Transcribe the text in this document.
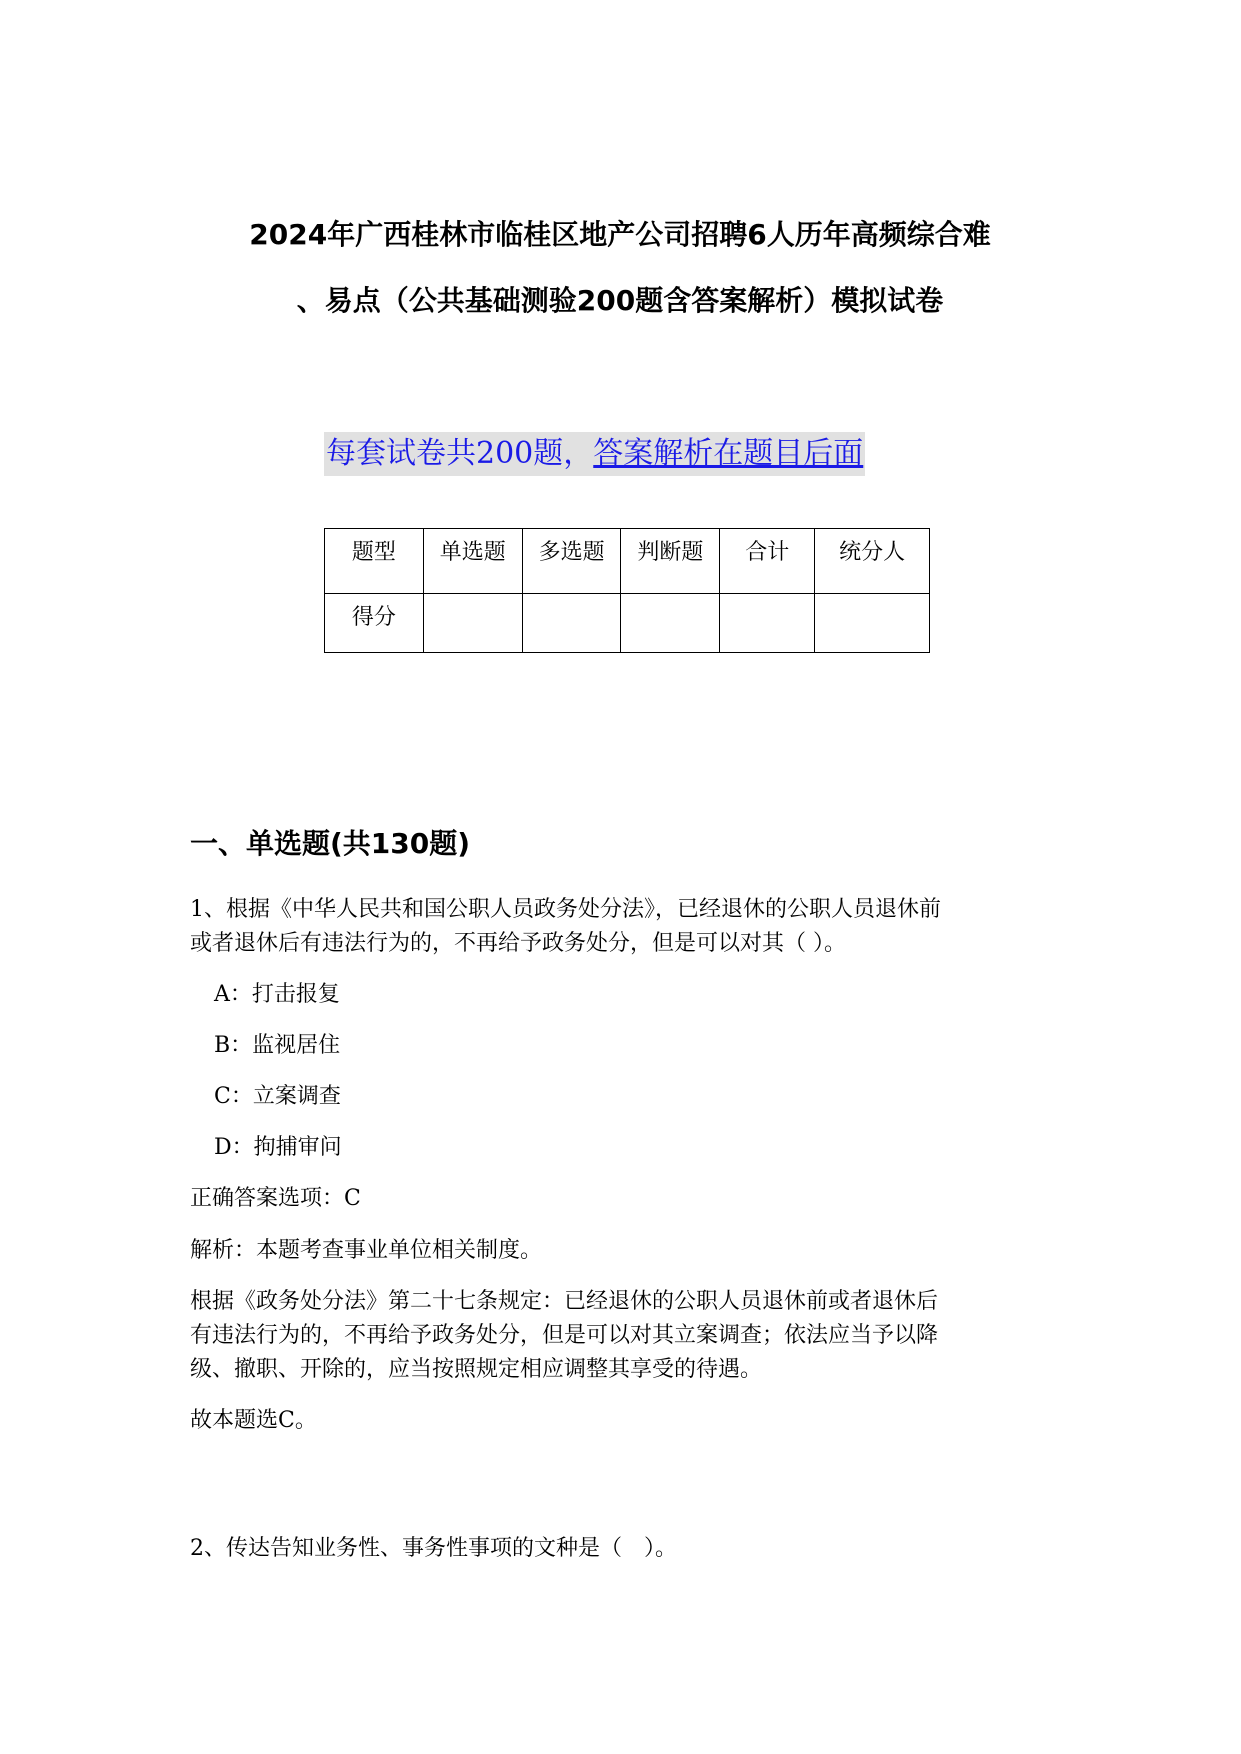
2024年广西桂林市临桂区地产公司招聘6人历年高频综合难
、易点（公共基础测验200题含答案解析）模拟试卷
每套试卷共200题，答案解析在题目后面
题型	单选题	多选题	判断题	合计	统分人
得分					
一、单选题(共130题)
1、根据《中华人民共和国公职人员政务处分法》，已经退休的公职人员退休前
或者退休后有违法行为的，不再给予政务处分，但是可以对其（ ）。
A：打击报复
B：监视居住
C：立案调查
D：拘捕审问
正确答案选项：C
解析：本题考查事业单位相关制度。
根据《政务处分法》第二十七条规定：已经退休的公职人员退休前或者退休后
有违法行为的，不再给予政务处分，但是可以对其立案调查；依法应当予以降
级、撤职、开除的，应当按照规定相应调整其享受的待遇。
故本题选C。
2、传达告知业务性、事务性事项的文种是（　）。
